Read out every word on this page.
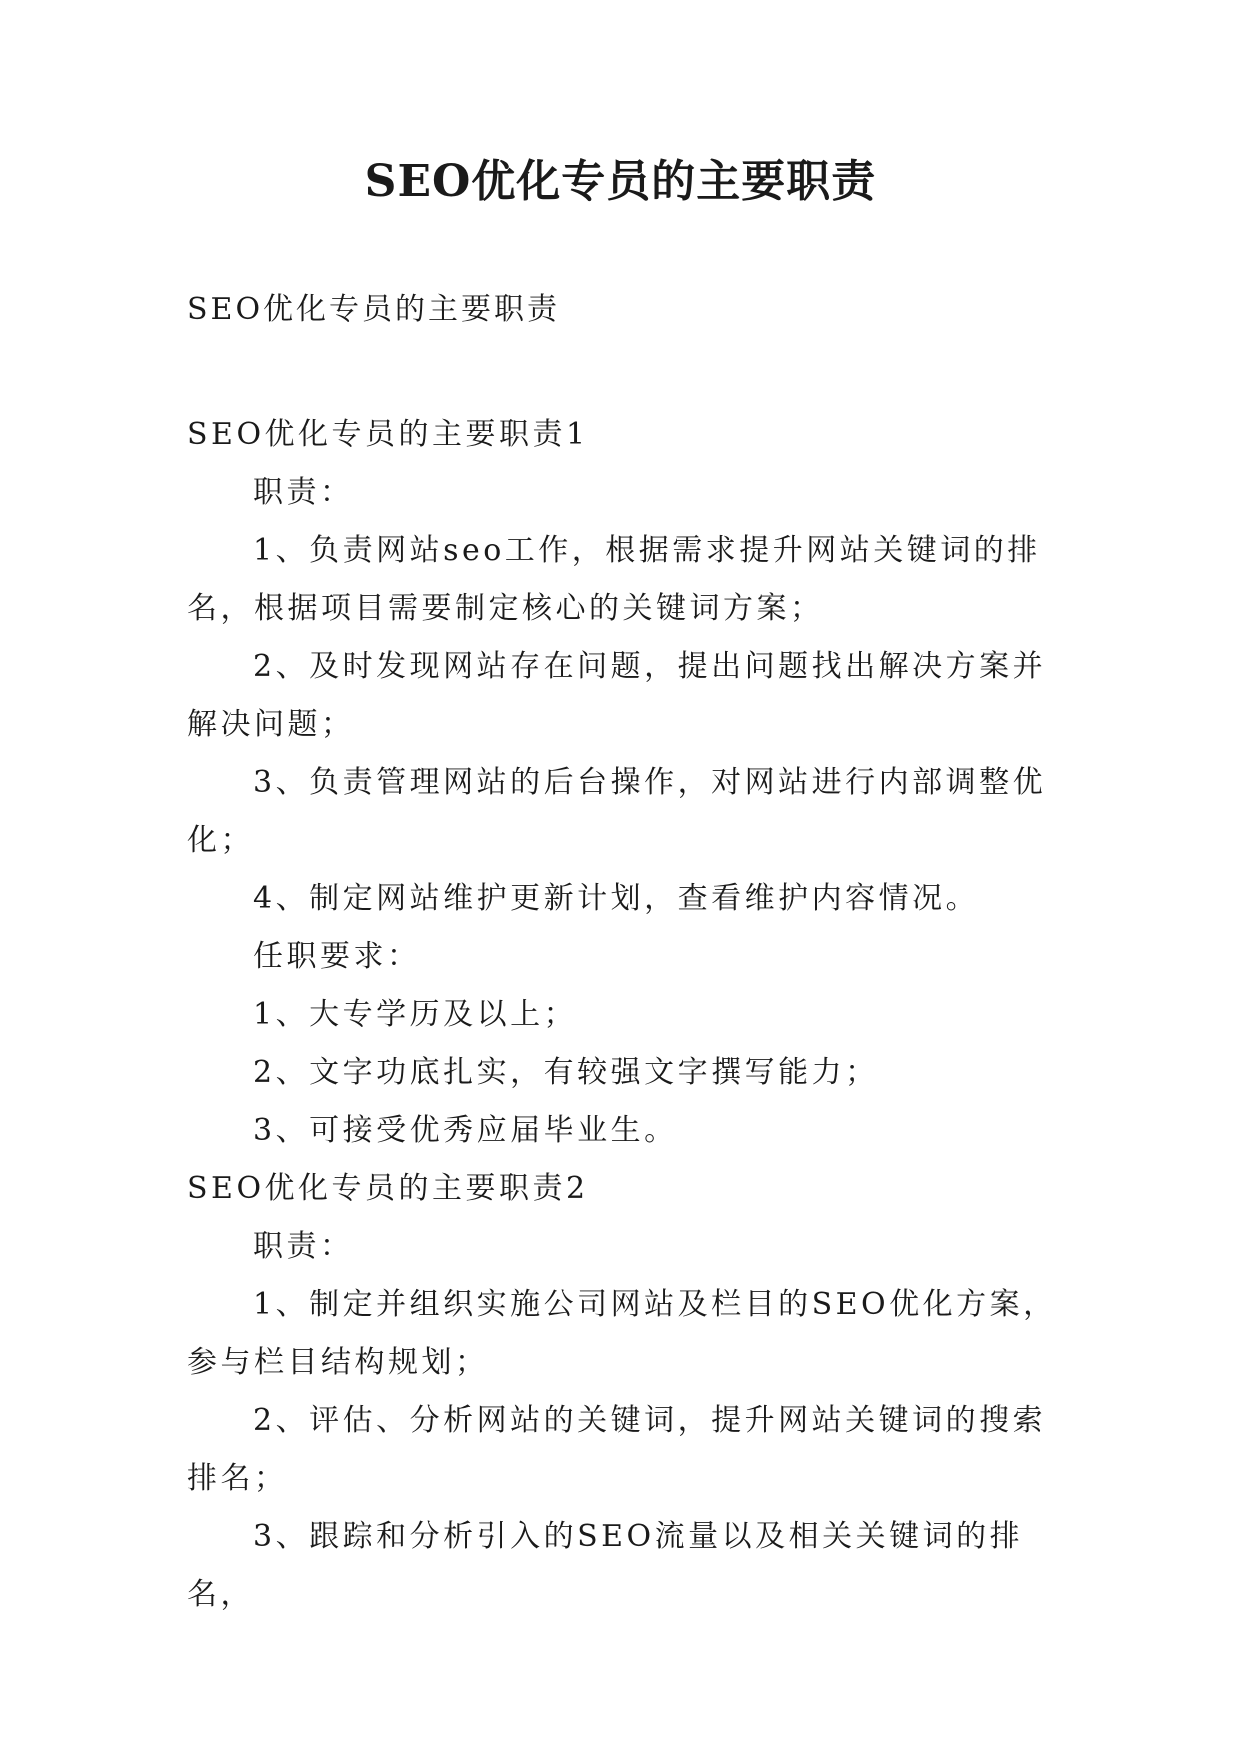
SEO优化专员的主要职责
SEO优化专员的主要职责

SEO优化专员的主要职责1

职责：

1、负责网站seo工作，根据需求提升网站关键词的排名，根据项目需要制定核心的关键词方案；

2、及时发现网站存在问题，提出问题找出解决方案并解决问题；

3、负责管理网站的后台操作，对网站进行内部调整优化；

4、制定网站维护更新计划，查看维护内容情况。

任职要求：

1、大专学历及以上；

2、文字功底扎实，有较强文字撰写能力；

3、可接受优秀应届毕业生。

SEO优化专员的主要职责2

职责：

1、制定并组织实施公司网站及栏目的SEO优化方案，参与栏目结构规划；

2、评估、分析网站的关键词，提升网站关键词的搜索排名；

3、跟踪和分析引入的SEO流量以及相关关键词的排名，
